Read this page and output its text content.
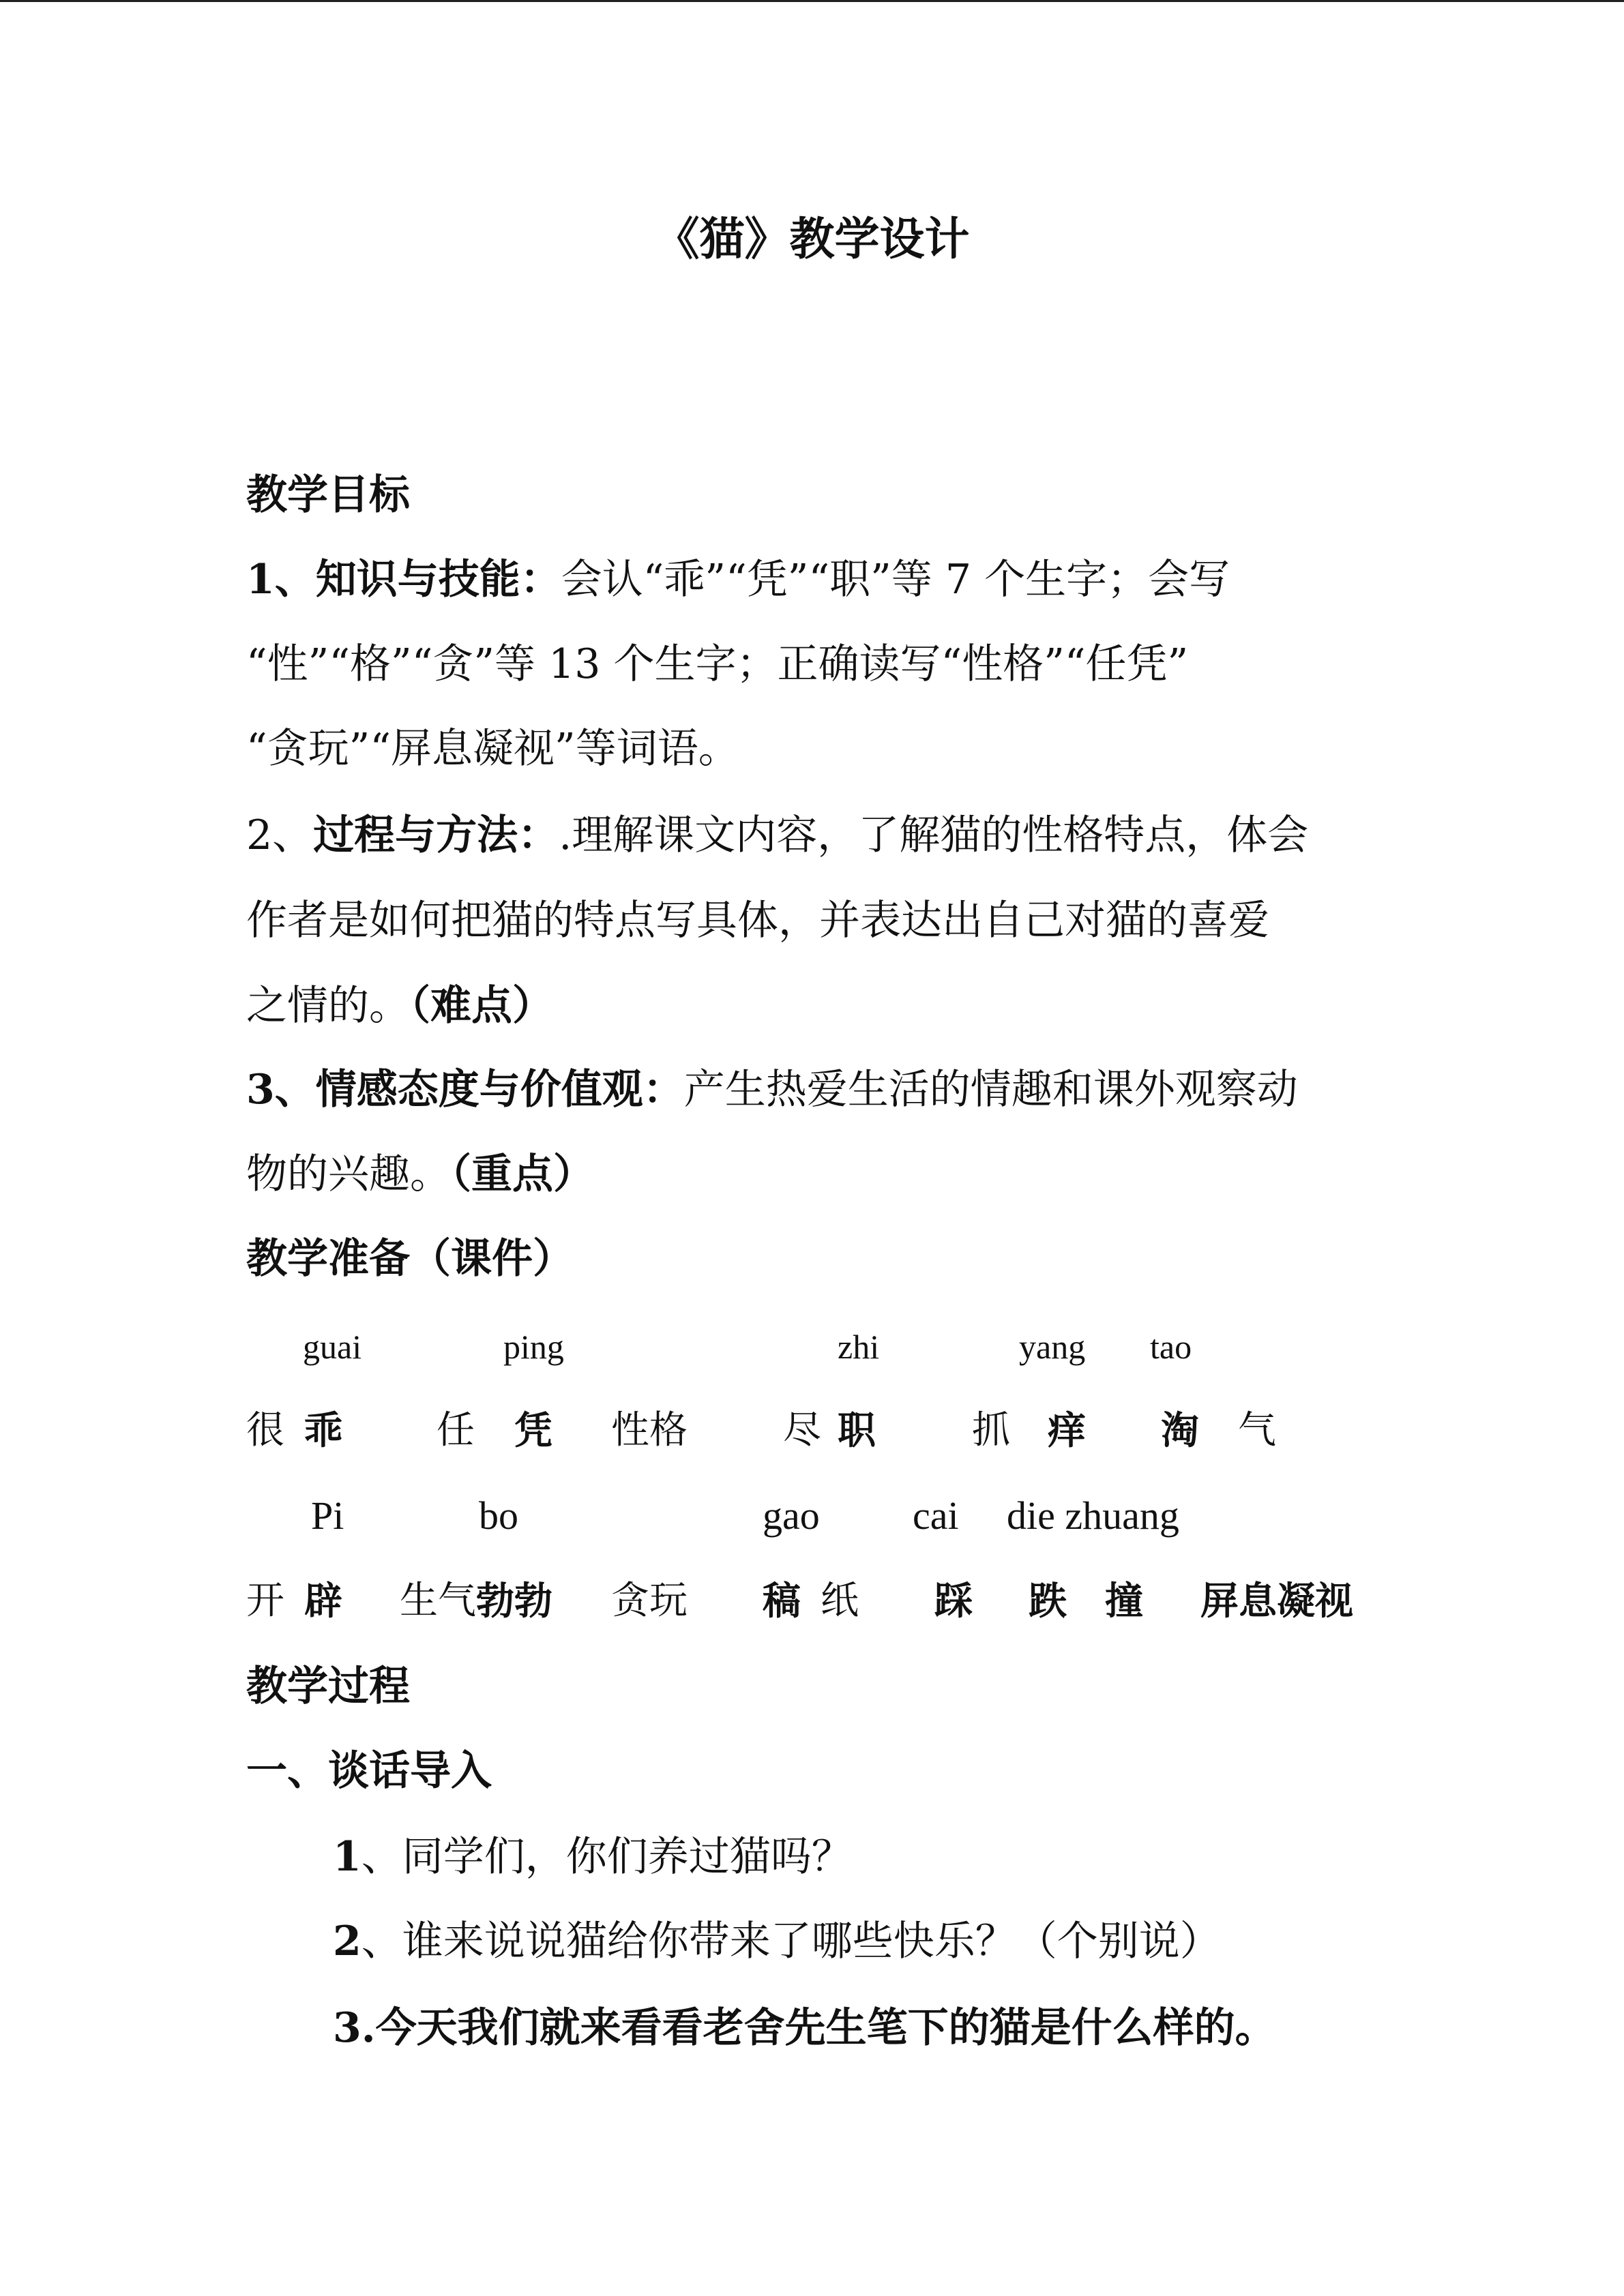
《猫》教学设计
教学目标
1、知识与技能：会认“乖”“凭”“职”等 7 个生字；会写
“性”“格”“贪”等 13 个生字；正确读写“性格”“任凭”
“贪玩”“屏息凝视”等词语。
2、过程与方法：.理解课文内容，了解猫的性格特点，体会
作者是如何把猫的特点写具体，并表达出自己对猫的喜爱
之情的。（难点）
3、情感态度与价值观：产生热爱生活的情趣和课外观察动
物的兴趣。（重点）
教学准备（课件）
guai	ping	zhi	yang tao
很 乖 任 凭 性格	尽 职	抓 痒 淘 气
Pi	bo	gao cai die zhuang
开 辟 生气 勃勃 贪玩 稿 纸 踩 跌 撞 屏息凝视
教学过程
一、谈话导入
1、同学们，你们养过猫吗？
2、谁来说说猫给你带来了哪些快乐？（个别说）
3.今天我们就来看看老舍先生笔下的猫是什么样的。
